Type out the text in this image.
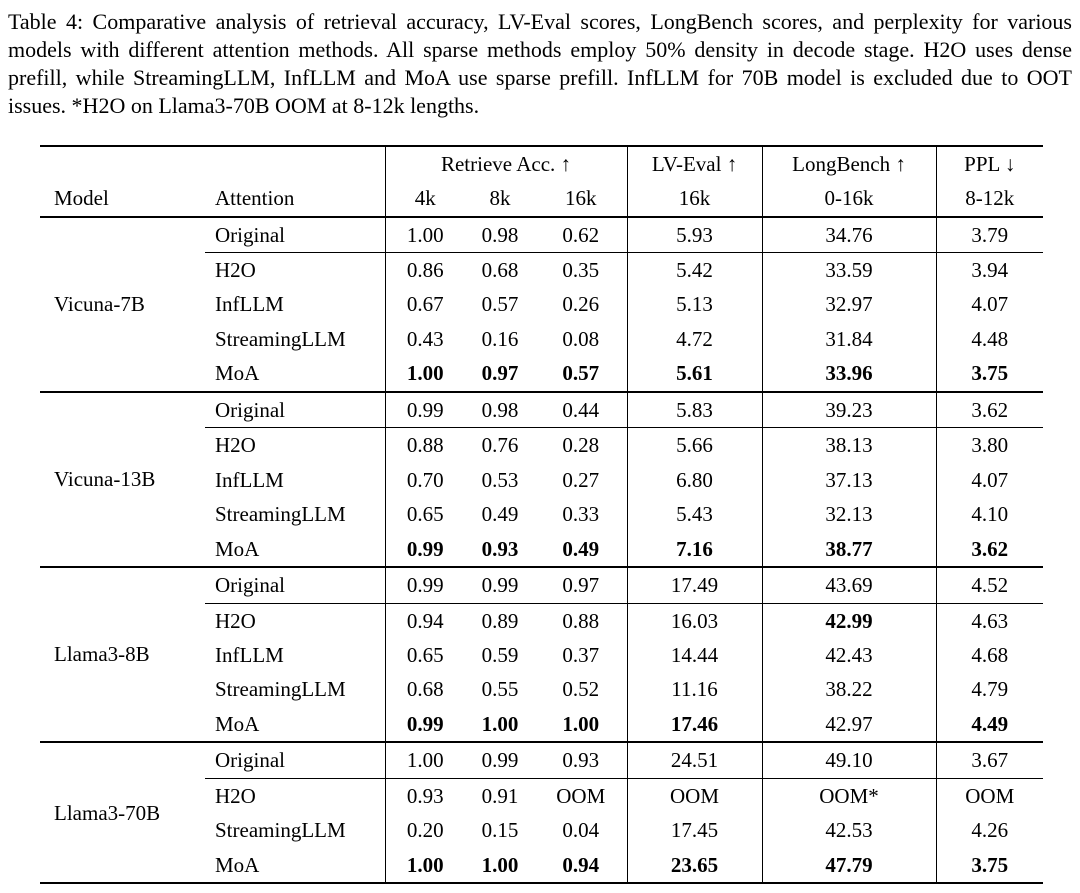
Table 4: Comparative analysis of retrieval accuracy, LV-Eval scores, LongBench scores, and perplexity for various models with different attention methods. All sparse methods employ 50% density in decode stage. H2O uses dense prefill, while StreamingLLM, InfLLM and MoA use sparse prefill. InfLLM for 70B model is excluded due to OOT issues. *H2O on Llama3-70B OOM at 8-12k lengths.

		Retrieve Acc. ↑			LV-Eval ↑	LongBench ↑	PPL ↓
Model	Attention	4k	8k	16k	16k	0-16k	8-12k
Vicuna-7B	Original	1.00	0.98	0.62	5.93	34.76	3.79
	H2O	0.86	0.68	0.35	5.42	33.59	3.94
	InfLLM	0.67	0.57	0.26	5.13	32.97	4.07
	StreamingLLM	0.43	0.16	0.08	4.72	31.84	4.48
	MoA	1.00	0.97	0.57	5.61	33.96	3.75
Vicuna-13B	Original	0.99	0.98	0.44	5.83	39.23	3.62
	H2O	0.88	0.76	0.28	5.66	38.13	3.80
	InfLLM	0.70	0.53	0.27	6.80	37.13	4.07
	StreamingLLM	0.65	0.49	0.33	5.43	32.13	4.10
	MoA	0.99	0.93	0.49	7.16	38.77	3.62
Llama3-8B	Original	0.99	0.99	0.97	17.49	43.69	4.52
	H2O	0.94	0.89	0.88	16.03	42.99	4.63
	InfLLM	0.65	0.59	0.37	14.44	42.43	4.68
	StreamingLLM	0.68	0.55	0.52	11.16	38.22	4.79
	MoA	0.99	1.00	1.00	17.46	42.97	4.49
Llama3-70B	Original	1.00	0.99	0.93	24.51	49.10	3.67
	H2O	0.93	0.91	OOM	OOM	OOM*	OOM
	StreamingLLM	0.20	0.15	0.04	17.45	42.53	4.26
	MoA	1.00	1.00	0.94	23.65	47.79	3.75
